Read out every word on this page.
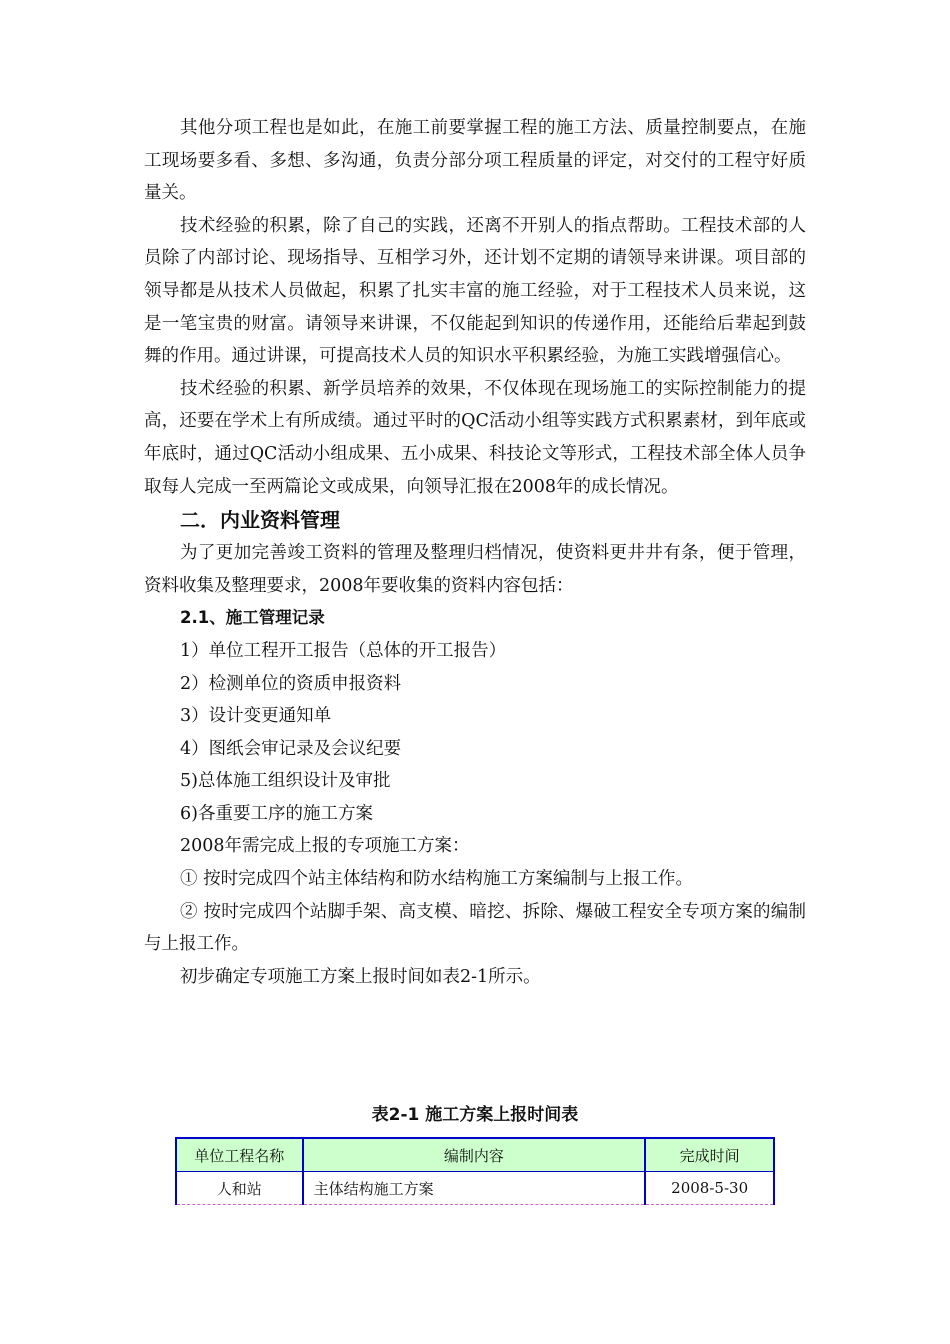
其他分项工程也是如此，在施工前要掌握工程的施工方法、质量控制要点，在施工现场要多看、多想、多沟通，负责分部分项工程质量的评定，对交付的工程守好质量关。

技术经验的积累，除了自己的实践，还离不开别人的指点帮助。工程技术部的人员除了内部讨论、现场指导、互相学习外，还计划不定期的请领导来讲课。项目部的领导都是从技术人员做起，积累了扎实丰富的施工经验，对于工程技术人员来说，这是一笔宝贵的财富。请领导来讲课，不仅能起到知识的传递作用，还能给后辈起到鼓舞的作用。通过讲课，可提高技术人员的知识水平积累经验，为施工实践增强信心。

技术经验的积累、新学员培养的效果，不仅体现在现场施工的实际控制能力的提高，还要在学术上有所成绩。通过平时的QC活动小组等实践方式积累素材，到年底或年底时，通过QC活动小组成果、五小成果、科技论文等形式，工程技术部全体人员争取每人完成一至两篇论文或成果，向领导汇报在2008年的成长情况。

二．内业资料管理

为了更加完善竣工资料的管理及整理归档情况，使资料更井井有条，便于管理，资料收集及整理要求，2008年要收集的资料内容包括：

2.1、施工管理记录

1）单位工程开工报告（总体的开工报告）

2）检测单位的资质申报资料

3）设计变更通知单

4）图纸会审记录及会议纪要

5)总体施工组织设计及审批

6)各重要工序的施工方案

2008年需完成上报的专项施工方案：

① 按时完成四个站主体结构和防水结构施工方案编制与上报工作。

② 按时完成四个站脚手架、高支模、暗挖、拆除、爆破工程安全专项方案的编制与上报工作。

初步确定专项施工方案上报时间如表2-1所示。

表2-1 施工方案上报时间表
单位工程名称	编制内容	完成时间
人和站	主体结构施工方案	2008-5-30
